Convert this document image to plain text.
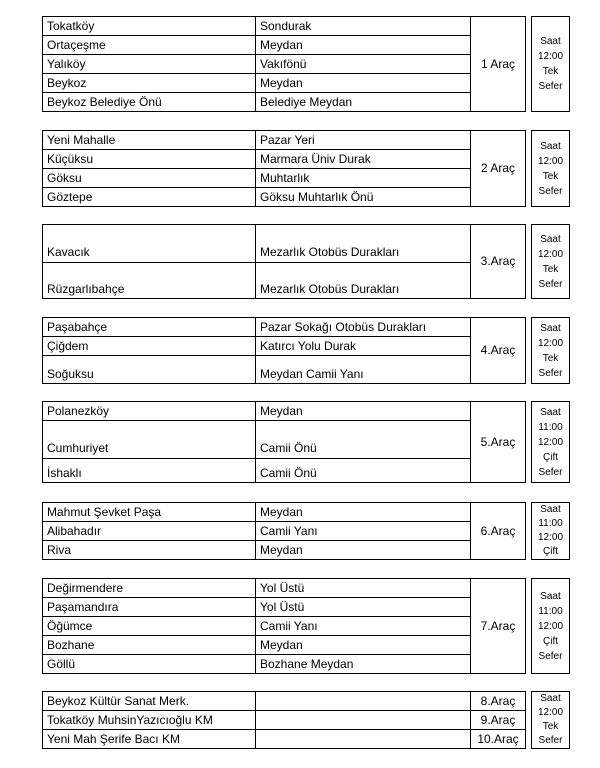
Tokatköy	Sondurak	1 Araç		Saat
12:00
Tek
Sefer

Ortaçeşme	Meydan			
Yalıköy	Vakıfönü			
Beykoz	Meydan			
Beykoz Belediye Önü	Belediye Meydan			
Yeni Mahalle	Pazar Yeri	2 Araç		Saat
12:00
Tek
Sefer

Küçüksu	Marmara Üniv Durak			
Göksu	Muhtarlık			
Göztepe	Göksu Muhtarlık Önü			
Kavacık	Mezarlık Otobüs Durakları	3.Araç		Saat
12:00
Tek
Sefer

Rüzgarlıbahçe	Mezarlık Otobüs Durakları			
Paşabahçe	Pazar Sokağı Otobüs Durakları	4.Araç		Saat
12:00
Tek
Sefer

Çiğdem	Katırcı Yolu Durak			
Soğuksu	Meydan Camii Yanı			
Polanezköy	Meydan	5.Araç		Saat
11:00
12:00
Çift
Sefer

Cumhuriyet	Camii Önü			
İshaklı	Camii Önü			
Mahmut Şevket Paşa	Meydan	6.Araç		Saat
11:00
12:00
Çift

Alibahadır	Camii Yanı			
Riva	Meydan			
Değirmendere	Yol Üstü	7.Araç		Saat
11:00
12:00
Çift
Sefer

Paşamandıra	Yol Üstü			
Öğümce	Camii Yanı			
Bozhane	Meydan			
Göllü	Bozhane Meydan			
Beykoz Kültür Sanat Merk.		8.Araç		Saat
12:00
Tek
Sefer

Tokatköy MuhsinYazıcıoğlu KM		9.Araç		
Yeni Mah Şerife Bacı KM		10.Araç		
